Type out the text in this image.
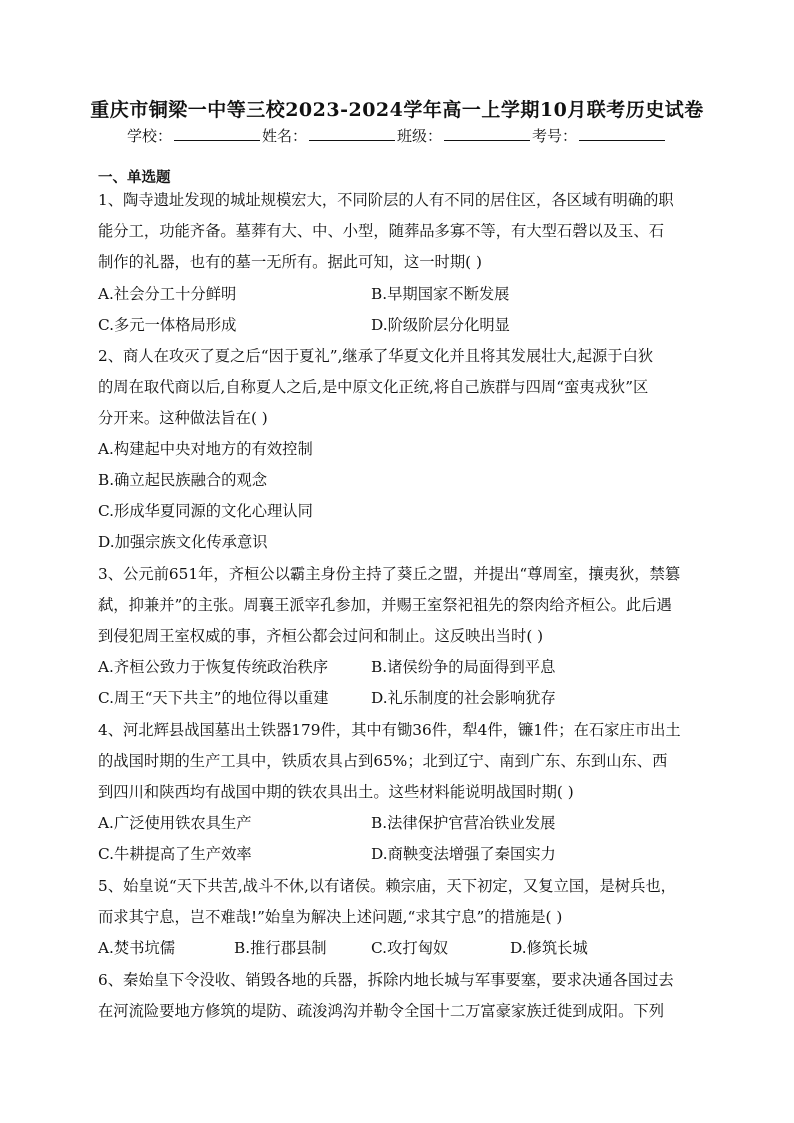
重庆市铜梁一中等三校2023-2024学年高一上学期10月联考历史试卷
学校：	姓名：	班级：	考号：
一、单选题
1、陶寺遗址发现的城址规模宏大，不同阶层的人有不同的居住区，各区域有明确的职
能分工，功能齐备。墓葬有大、中、小型，随葬品多寡不等，有大型石磬以及玉、石
制作的礼器，也有的墓一无所有。据此可知，这一时期( )
A.社会分工十分鲜明	B.早期国家不断发展
C.多元一体格局形成	D.阶级阶层分化明显
2、商人在攻灭了夏之后“因于夏礼”,继承了华夏文化并且将其发展壮大,起源于白狄
的周在取代商以后,自称夏人之后,是中原文化正统,将自己族群与四周“蛮夷戎狄”区
分开来。这种做法旨在( )
A.构建起中央对地方的有效控制
B.确立起民族融合的观念
C.形成华夏同源的文化心理认同
D.加强宗族文化传承意识
3、公元前651年，齐桓公以霸主身份主持了葵丘之盟，并提出“尊周室，攘夷狄，禁篡
弑，抑兼并”的主张。周襄王派宰孔参加，并赐王室祭祀祖先的祭肉给齐桓公。此后遇
到侵犯周王室权威的事，齐桓公都会过问和制止。这反映出当时( )
A.齐桓公致力于恢复传统政治秩序	B.诸侯纷争的局面得到平息
C.周王“天下共主”的地位得以重建	D.礼乐制度的社会影响犹存
4、河北辉县战国墓出土铁器179件，其中有锄36件，犁4件，镰1件；在石家庄市出土
的战国时期的生产工具中，铁质农具占到65%；北到辽宁、南到广东、东到山东、西
到四川和陕西均有战国中期的铁农具出土。这些材料能说明战国时期( )
A.广泛使用铁农具生产	B.法律保护官营冶铁业发展
C.牛耕提高了生产效率	D.商鞅变法增强了秦国实力
5、始皇说“天下共苦,战斗不休,以有诸侯。赖宗庙，天下初定，又复立国，是树兵也，
而求其宁息，岂不难哉!”始皇为解决上述问题,“求其宁息”的措施是( )
A.焚书坑儒	B.推行郡县制	C.攻打匈奴	D.修筑长城
6、秦始皇下令没收、销毁各地的兵器，拆除内地长城与军事要塞，要求决通各国过去
在河流险要地方修筑的堤防、疏浚鸿沟并勒令全国十二万富豪家族迁徙到成阳。下列
